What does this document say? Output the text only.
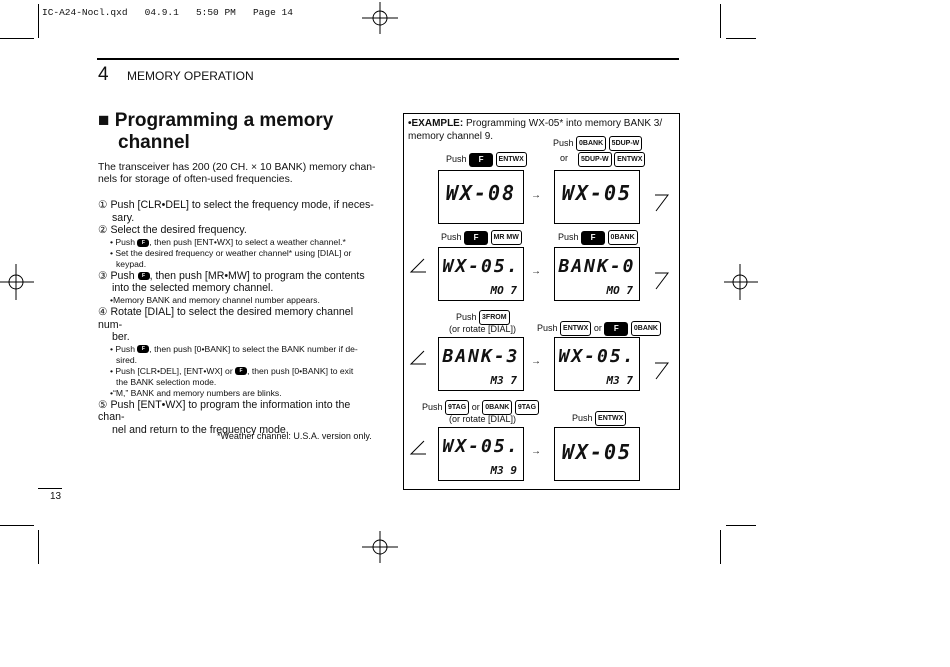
IC-A24-Nocl.qxd 04.9.1 5:50 PM Page 14
4 MEMORY OPERATION
■ Programming a memory
channel
The transceiver has 200 (20 CH. × 10 BANK) memory chan-
nels for storage of often-used frequencies.
① Push [CLR•DEL] to select the frequency mode, if neces-
sary.
② Select the desired frequency.
• Push F , then push [ENT•WX] to select a weather channel.*
• Set the desired frequency or weather channel* using [DIAL] or
keypad.
③ Push F , then push [MR•MW] to program the contents
into the selected memory channel.
•Memory BANK and memory channel number appears.
④ Rotate [DIAL] to select the desired memory channel num-
ber.
• Push F , then push [0•BANK] to select the BANK number if de-
sired.
• Push [CLR•DEL], [ENT•WX] or F , then push [0•BANK] to exit
the BANK selection mode.
•“M,” BANK and memory numbers are blinks.
⑤ Push [ENT•WX] to program the information into the chan-
nel and return to the frequency mode.
*Weather channel: U.S.A. version only.
13
•EXAMPLE: Programming WX-05* into memory BANK 3/
memory channel 9.
Push 0BANK 5DUP-W
or	5DUP-W ENTWX
Push F ENTWX
WX-08	WX-05
→
Push F MR MW	Push F 0BANK
WX-05.
MO 7
BANK-0
MO 7
→
Push 3FROM
(or rotate [DIAL]) Push ENTWX or F 0BANK
BANK-3
M3 7
WX-05.
M3 7
→
Push 9TAG or 0BANK 9TAG
(or rotate [DIAL])	Push ENTWX
WX-05.
M3 9
WX-05
→
